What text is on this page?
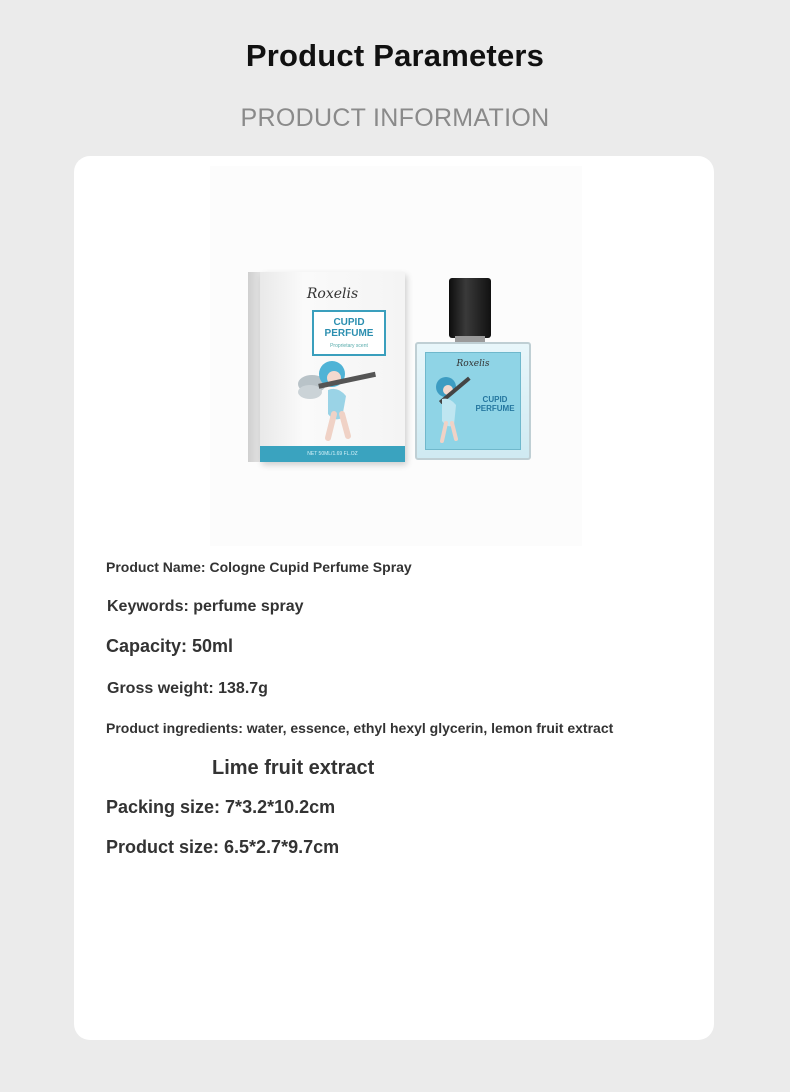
Product Parameters
PRODUCT INFORMATION
Roxelis
CUPID
PERFUME
Proprietary scent
NET 50ML/1.69 FL.OZ
Roxelis
CUPID
PERFUME
Product Name: Cologne Cupid Perfume Spray
Keywords: perfume spray
Capacity: 50ml
Gross weight: 138.7g
Product ingredients: water, essence, ethyl hexyl glycerin, lemon fruit extract
Lime fruit extract
Packing size: 7*3.2*10.2cm
Product size: 6.5*2.7*9.7cm
